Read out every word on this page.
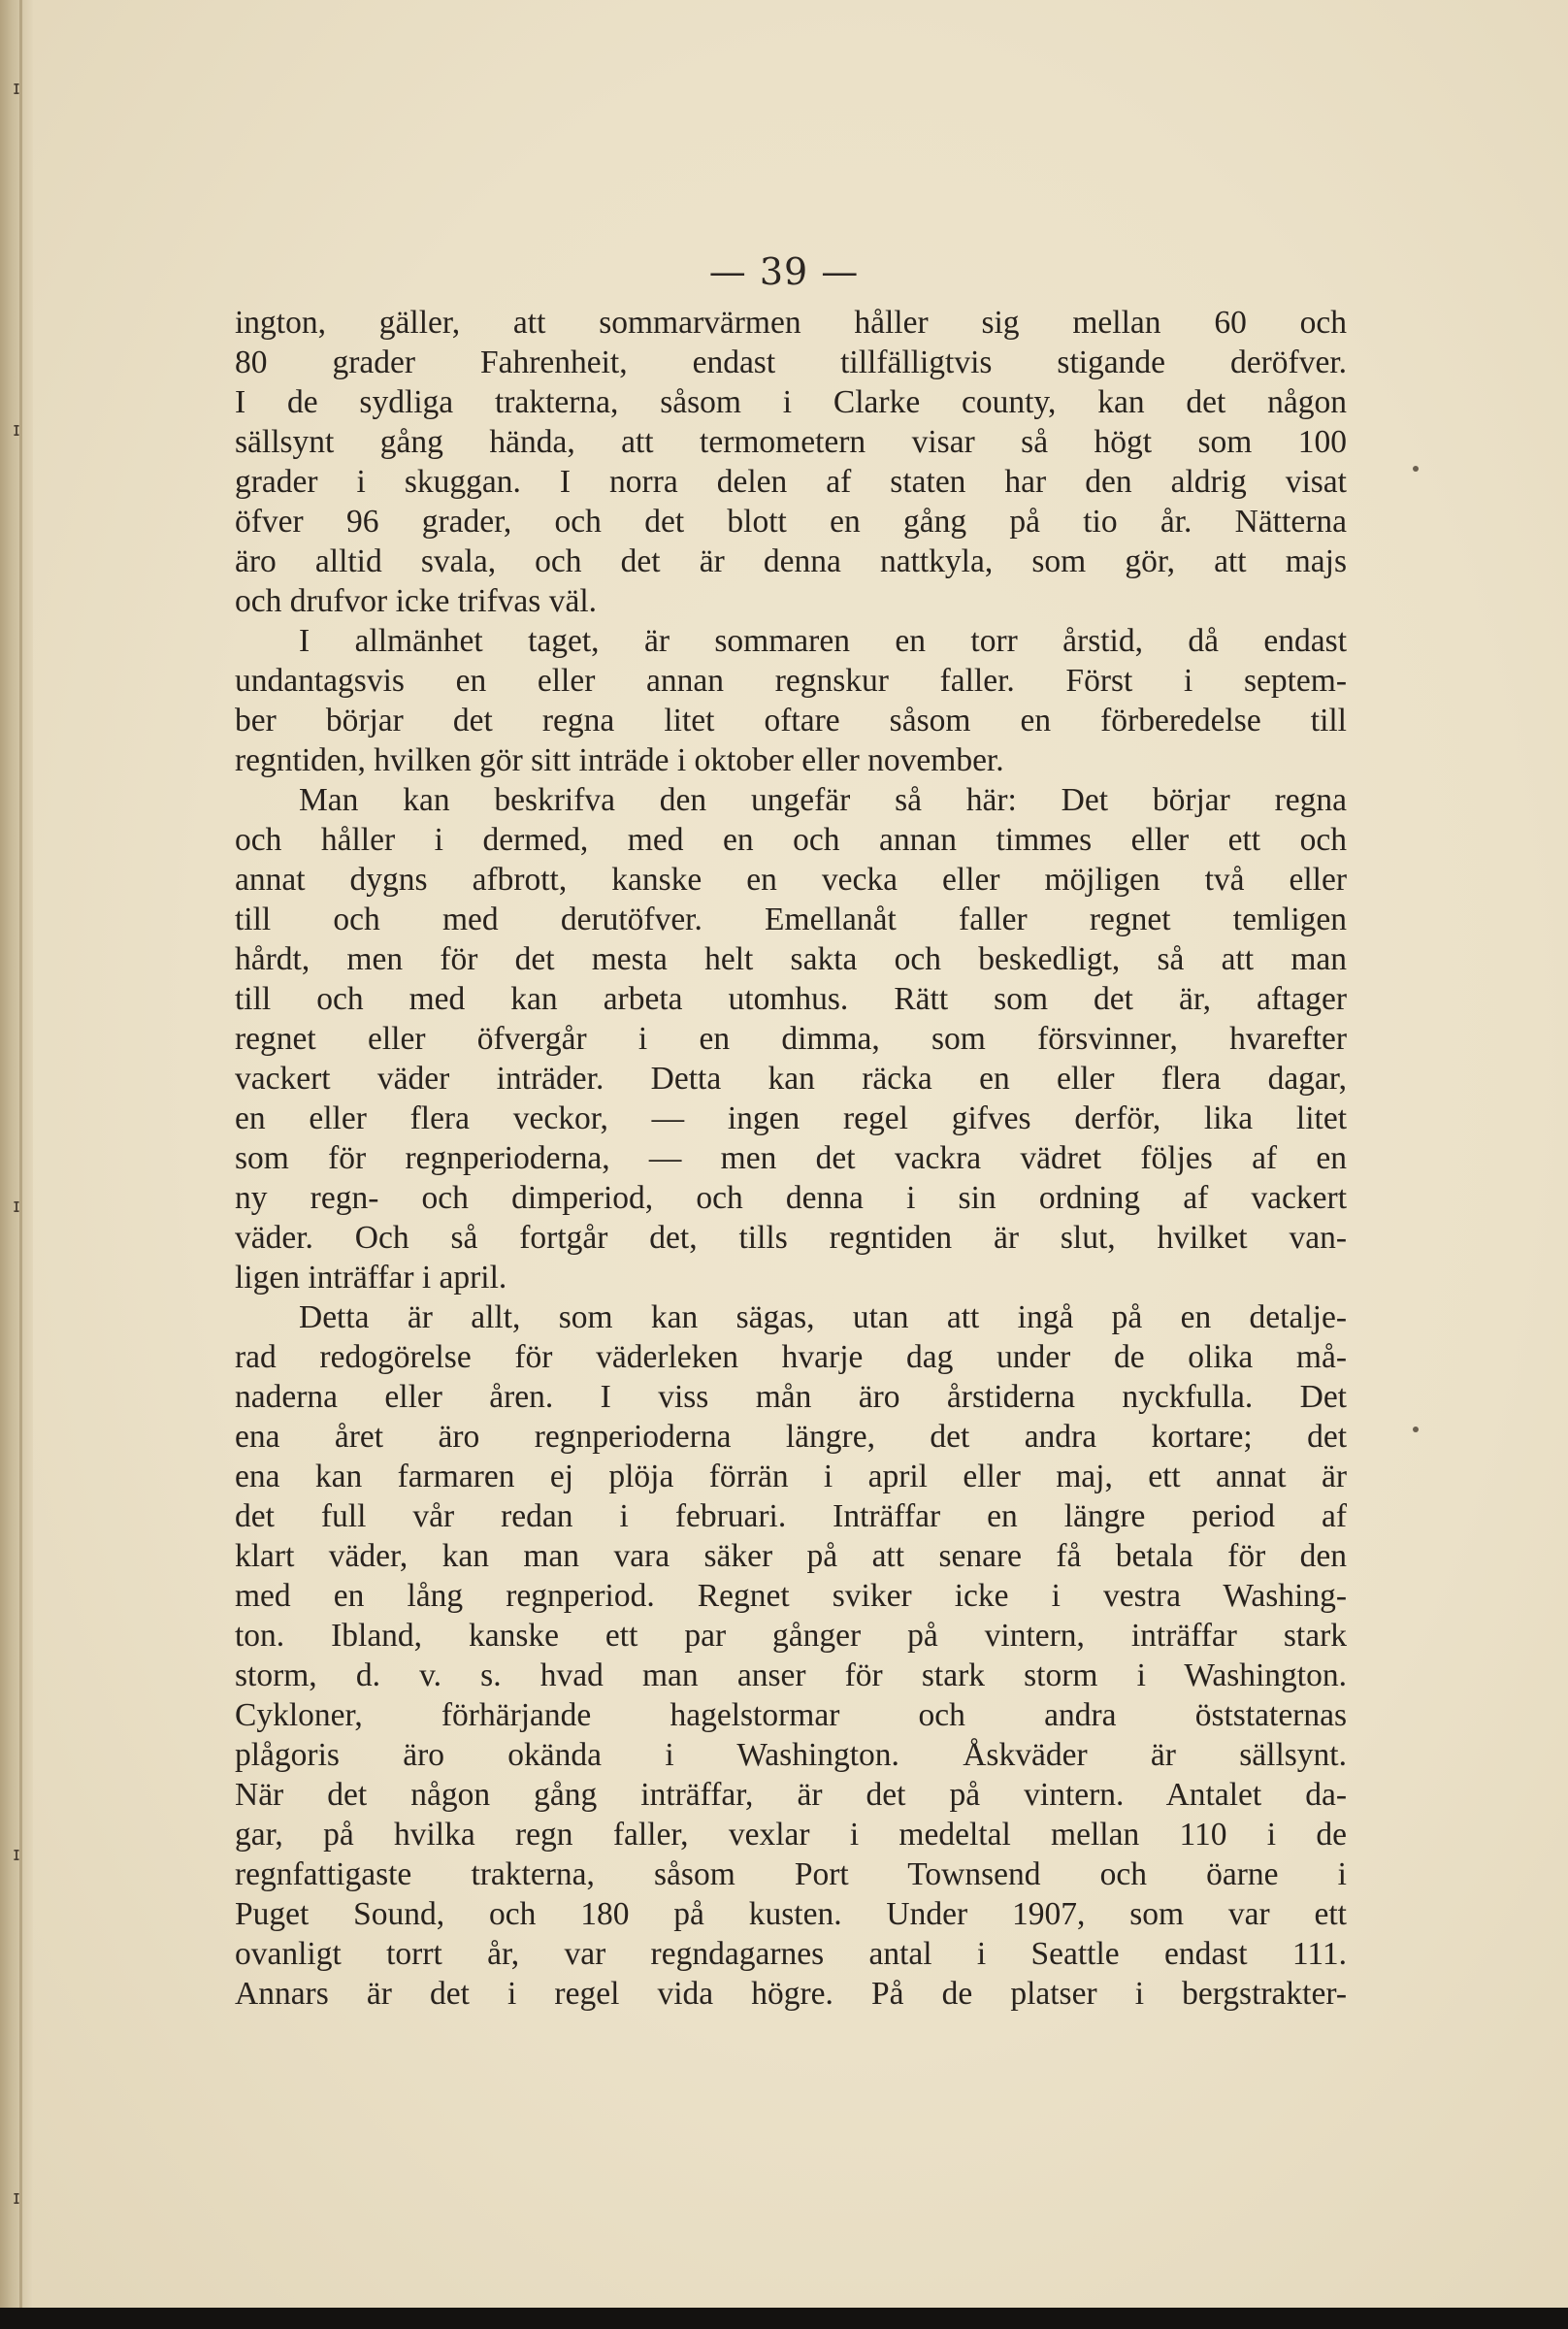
ɪ
ɪ
ɪ
ɪ
ɪ
— 39 —
ington, gäller, att sommarvärmen håller sig mellan 60 och
80 grader Fahrenheit, endast tillfälligtvis stigande deröfver.
I de sydliga trakterna, såsom i Clarke county, kan det någon
sällsynt gång hända, att termometern visar så högt som 100
grader i skuggan. I norra delen af staten har den aldrig visat
öfver 96 grader, och det blott en gång på tio år. Nätterna
äro alltid svala, och det är denna nattkyla, som gör, att majs
och drufvor icke trifvas väl.
I allmänhet taget, är sommaren en torr årstid, då endast
undantagsvis en eller annan regnskur faller. Först i septem-
ber börjar det regna litet oftare såsom en förberedelse till
regntiden, hvilken gör sitt inträde i oktober eller november.
Man kan beskrifva den ungefär så här: Det börjar regna
och håller i dermed, med en och annan timmes eller ett och
annat dygns afbrott, kanske en vecka eller möjligen två eller
till och med derutöfver. Emellanåt faller regnet temligen
hårdt, men för det mesta helt sakta och beskedligt, så att man
till och med kan arbeta utomhus. Rätt som det är, aftager
regnet eller öfvergår i en dimma, som försvinner, hvarefter
vackert väder inträder. Detta kan räcka en eller flera dagar,
en eller flera veckor, — ingen regel gifves derför, lika litet
som för regnperioderna, — men det vackra vädret följes af en
ny regn- och dimperiod, och denna i sin ordning af vackert
väder. Och så fortgår det, tills regntiden är slut, hvilket van-
ligen inträffar i april.
Detta är allt, som kan sägas, utan att ingå på en detalje-
rad redogörelse för väderleken hvarje dag under de olika må-
naderna eller åren. I viss mån äro årstiderna nyckfulla. Det
ena året äro regnperioderna längre, det andra kortare; det
ena kan farmaren ej plöja förrän i april eller maj, ett annat är
det full vår redan i februari. Inträffar en längre period af
klart väder, kan man vara säker på att senare få betala för den
med en lång regnperiod. Regnet sviker icke i vestra Washing-
ton. Ibland, kanske ett par gånger på vintern, inträffar stark
storm, d. v. s. hvad man anser för stark storm i Washington.
Cykloner, förhärjande hagelstormar och andra öststaternas
plågoris äro okända i Washington. Åskväder är sällsynt.
När det någon gång inträffar, är det på vintern. Antalet da-
gar, på hvilka regn faller, vexlar i medeltal mellan 110 i de
regnfattigaste trakterna, såsom Port Townsend och öarne i
Puget Sound, och 180 på kusten. Under 1907, som var ett
ovanligt torrt år, var regndagarnes antal i Seattle endast 111.
Annars är det i regel vida högre. På de platser i bergstrakter-
